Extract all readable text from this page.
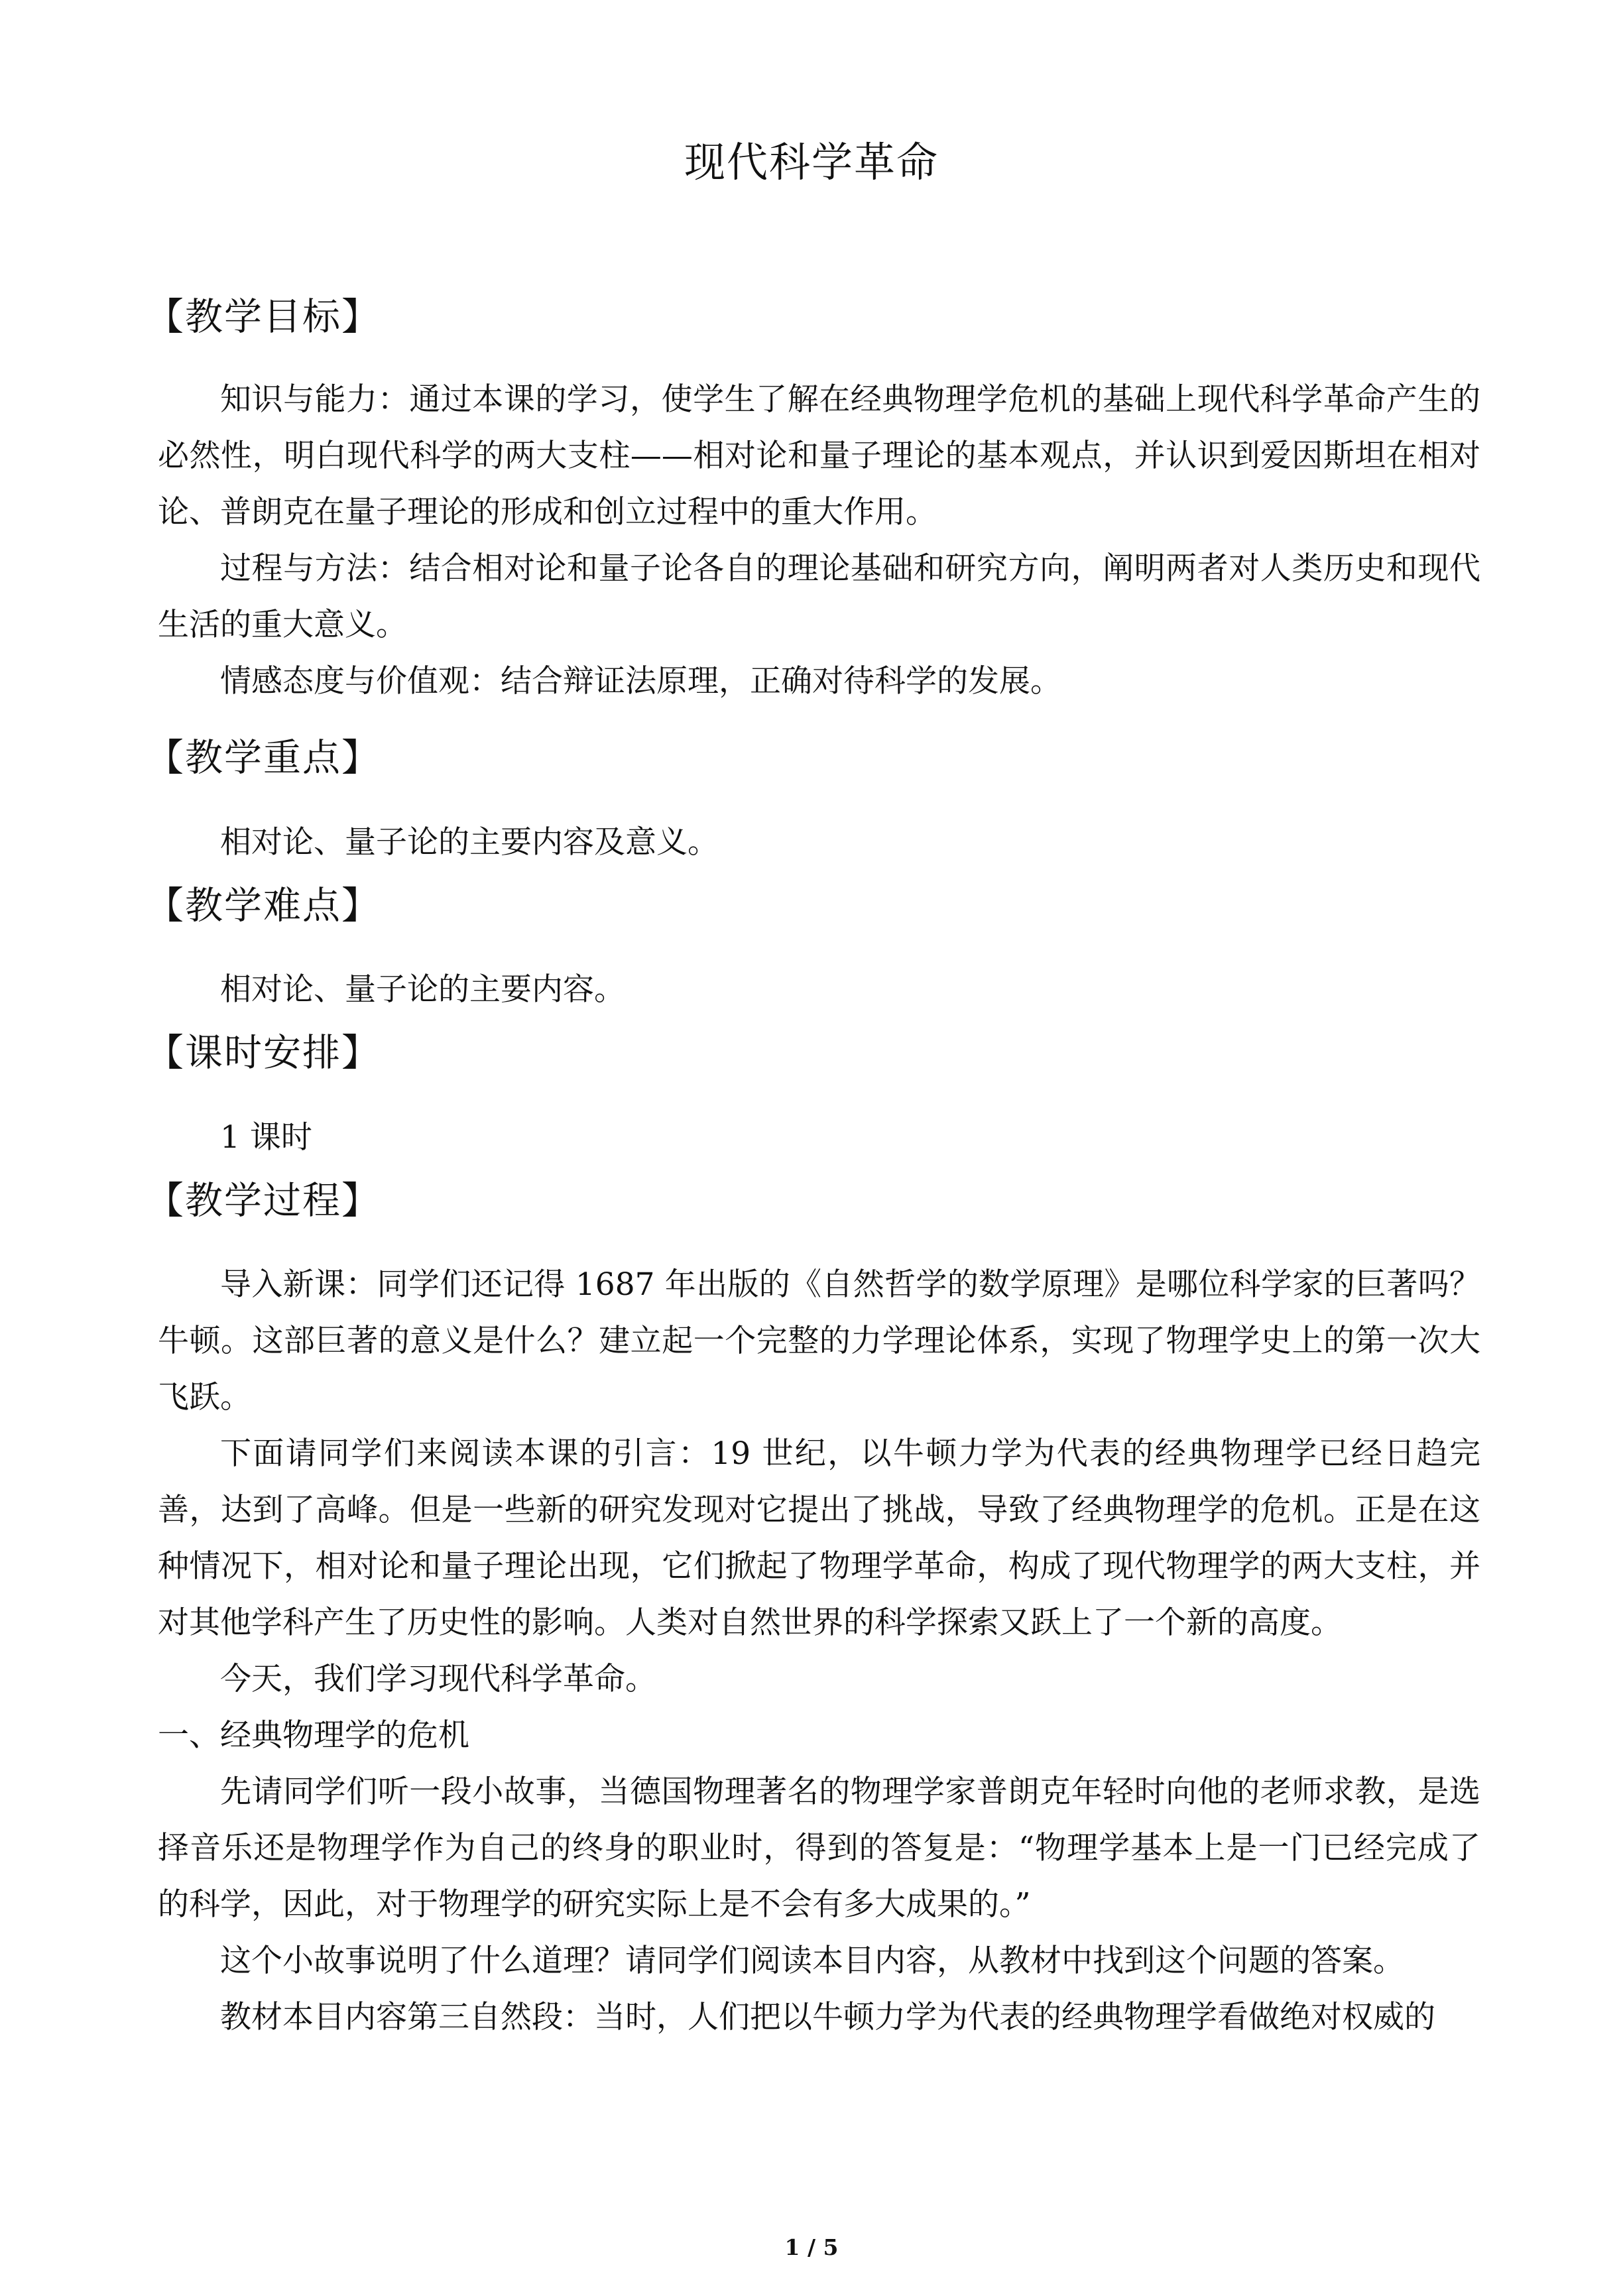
现代科学革命
【教学目标】

知识与能力：通过本课的学习，使学生了解在经典物理学危机的基础上现代科学革命产生的必然性，明白现代科学的两大支柱——相对论和量子理论的基本观点，并认识到爱因斯坦在相对论、普朗克在量子理论的形成和创立过程中的重大作用。

过程与方法：结合相对论和量子论各自的理论基础和研究方向，阐明两者对人类历史和现代生活的重大意义。

情感态度与价值观：结合辩证法原理，正确对待科学的发展。

【教学重点】

相对论、量子论的主要内容及意义。

【教学难点】

相对论、量子论的主要内容。

【课时安排】

1 课时

【教学过程】

导入新课：同学们还记得 1687 年出版的《自然哲学的数学原理》是哪位科学家的巨著吗？牛顿。这部巨著的意义是什么？建立起一个完整的力学理论体系，实现了物理学史上的第一次大飞跃。

下面请同学们来阅读本课的引言：19 世纪，以牛顿力学为代表的经典物理学已经日趋完善，达到了高峰。但是一些新的研究发现对它提出了挑战，导致了经典物理学的危机。正是在这种情况下，相对论和量子理论出现，它们掀起了物理学革命，构成了现代物理学的两大支柱，并对其他学科产生了历史性的影响。人类对自然世界的科学探索又跃上了一个新的高度。

今天，我们学习现代科学革命。

一、经典物理学的危机

先请同学们听一段小故事，当德国物理著名的物理学家普朗克年轻时向他的老师求教，是选择音乐还是物理学作为自己的终身的职业时，得到的答复是：“物理学基本上是一门已经完成了的科学，因此，对于物理学的研究实际上是不会有多大成果的。”

这个小故事说明了什么道理？请同学们阅读本目内容，从教材中找到这个问题的答案。

教材本目内容第三自然段：当时，人们把以牛顿力学为代表的经典物理学看做绝对权威的

1 / 5
